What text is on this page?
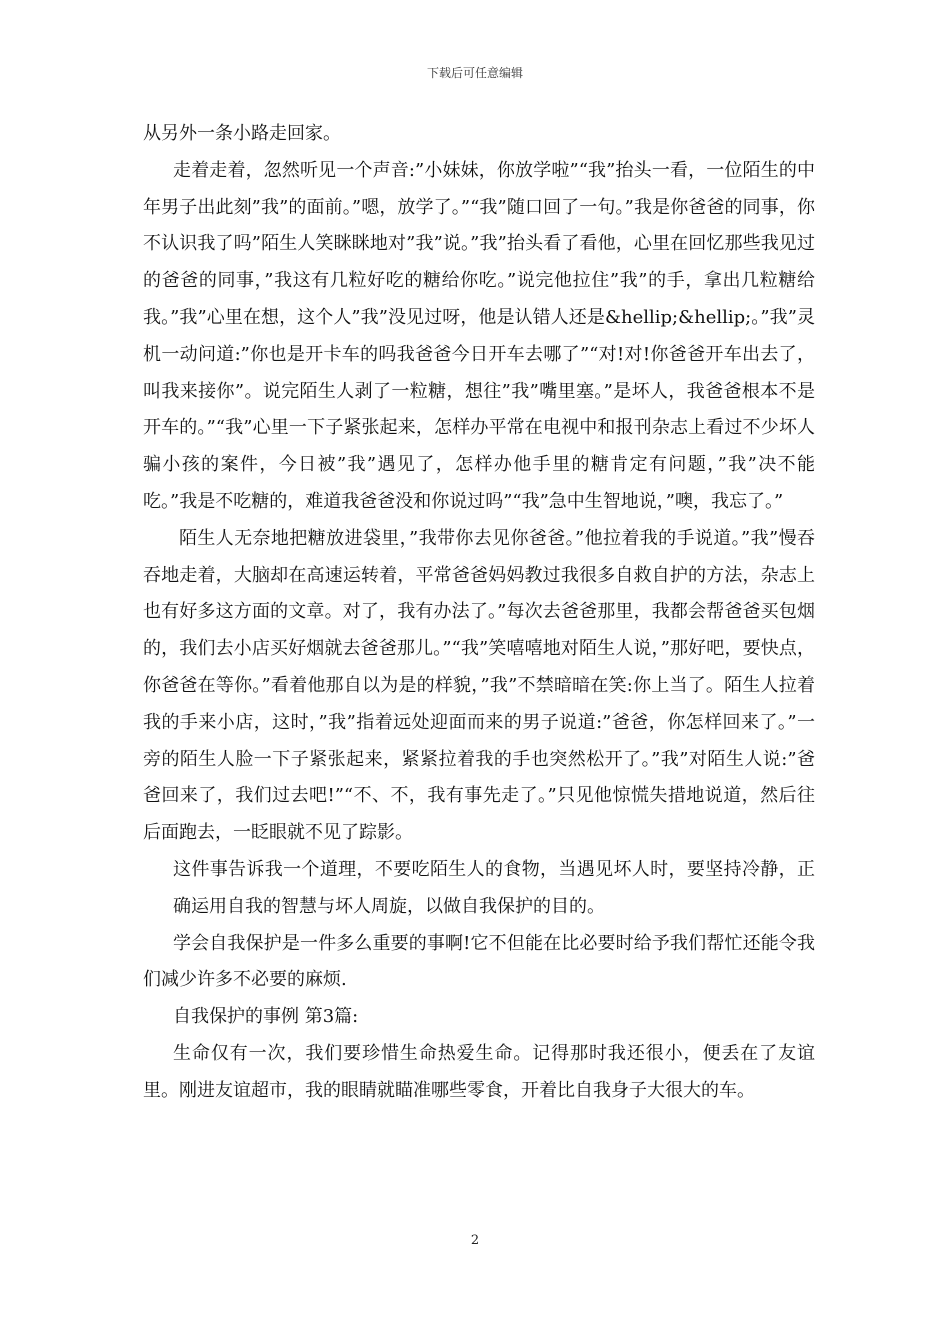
下载后可任意编辑

从另外一条小路走回家。

走着走着，忽然听见一个声音:”小妹妹，你放学啦”“我”抬头一看，一位陌生的中年男子出此刻”我”的面前。”嗯，放学了。”“我”随口回了一句。”我是你爸爸的同事，你不认识我了吗”陌生人笑眯眯地对”我”说。”我”抬头看了看他，心里在回忆那些我见过的爸爸的同事，”我这有几粒好吃的糖给你吃。”说完他拉住”我”的手，拿出几粒糖给我。”我”心里在想，这个人”我”没见过呀，他是认错人还是&hellip;&hellip;。”我”灵机一动问道:”你也是开卡车的吗我爸爸今日开车去哪了”“对!对!你爸爸开车出去了，叫我来接你”。说完陌生人剥了一粒糖，想往”我”嘴里塞。”是坏人，我爸爸根本不是开车的。”“我”心里一下子紧张起来，怎样办平常在电视中和报刊杂志上看过不少坏人骗小孩的案件，今日被”我”遇见了，怎样办他手里的糖肯定有问题，”我”决不能吃。”我是不吃糖的，难道我爸爸没和你说过吗”“我”急中生智地说，”噢，我忘了。”

陌生人无奈地把糖放进袋里，”我带你去见你爸爸。”他拉着我的手说道。”我”慢吞吞地走着，大脑却在高速运转着，平常爸爸妈妈教过我很多自救自护的方法，杂志上也有好多这方面的文章。对了，我有办法了。”每次去爸爸那里，我都会帮爸爸买包烟的，我们去小店买好烟就去爸爸那儿。”“我”笑嘻嘻地对陌生人说，”那好吧，要快点，你爸爸在等你。”看着他那自以为是的样貌，”我”不禁暗暗在笑:你上当了。陌生人拉着我的手来小店，这时，”我”指着远处迎面而来的男子说道:”爸爸，你怎样回来了。”一旁的陌生人脸一下子紧张起来，紧紧拉着我的手也突然松开了。”我”对陌生人说:”爸爸回来了，我们过去吧!”“不、不，我有事先走了。”只见他惊慌失措地说道，然后往后面跑去，一眨眼就不见了踪影。

这件事告诉我一个道理，不要吃陌生人的食物，当遇见坏人时，要坚持冷静，正确运用自我的智慧与坏人周旋，以做自我保护的目的。

学会自我保护是一件多么重要的事啊!它不但能在比必要时给予我们帮忙还能令我们减少许多不必要的麻烦.

自我保护的事例 第3篇:

生命仅有一次，我们要珍惜生命热爱生命。记得那时我还很小，便丢在了友谊里。刚进友谊超市，我的眼睛就瞄准哪些零食，开着比自我身子大很大的车。

2
